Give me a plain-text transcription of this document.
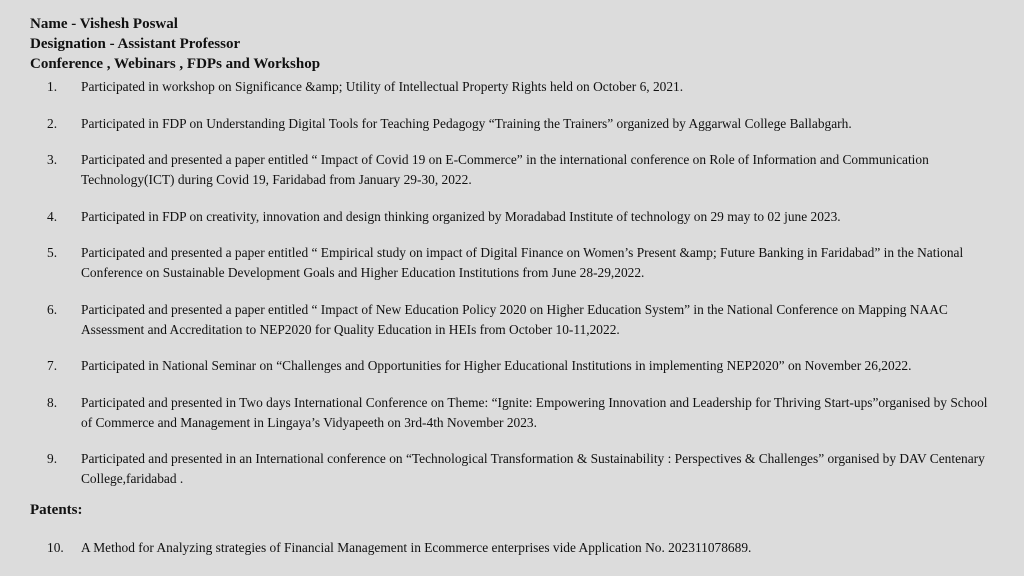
Name - Vishesh Poswal

Designation - Assistant Professor

Conference , Webinars , FDPs and Workshop

1.	Participated in workshop on Significance &amp; Utility of Intellectual Property Rights held on October 6, 2021.
2.	Participated in FDP on Understanding Digital Tools for Teaching Pedagogy “Training the Trainers” organized by Aggarwal College Ballabgarh.
3.	Participated and presented a paper entitled “ Impact of Covid 19 on E-Commerce” in the international conference on Role of Information and Communication Technology(ICT) during Covid 19, Faridabad from January 29-30, 2022.
4.	Participated in FDP on creativity, innovation and design thinking organized by Moradabad Institute of technology on 29 may to 02 june 2023.
5.	Participated and presented a paper entitled “ Empirical study on impact of Digital Finance on Women’s Present &amp; Future Banking in Faridabad” in the National Conference on Sustainable Development Goals and Higher Education Institutions from June 28-29,2022.
6.	Participated and presented a paper entitled “ Impact of New Education Policy 2020 on Higher Education System” in the National Conference on Mapping NAAC Assessment and Accreditation to NEP2020 for Quality Education in HEIs from October 10-11,2022.
7.	Participated in National Seminar on “Challenges and Opportunities for Higher Educational Institutions in implementing NEP2020” on November 26,2022.
8.	Participated and presented in Two days International Conference on Theme: “Ignite: Empowering Innovation and Leadership for Thriving Start-ups”organised by School of Commerce and Management in Lingaya’s Vidyapeeth on 3rd-4th November 2023.
9.	Participated and presented in an International conference on “Technological Transformation & Sustainability : Perspectives & Challenges” organised by DAV Centenary College,faridabad .

Patents:

10.	A Method for Analyzing strategies of Financial Management in Ecommerce enterprises vide Application No. 202311078689.
